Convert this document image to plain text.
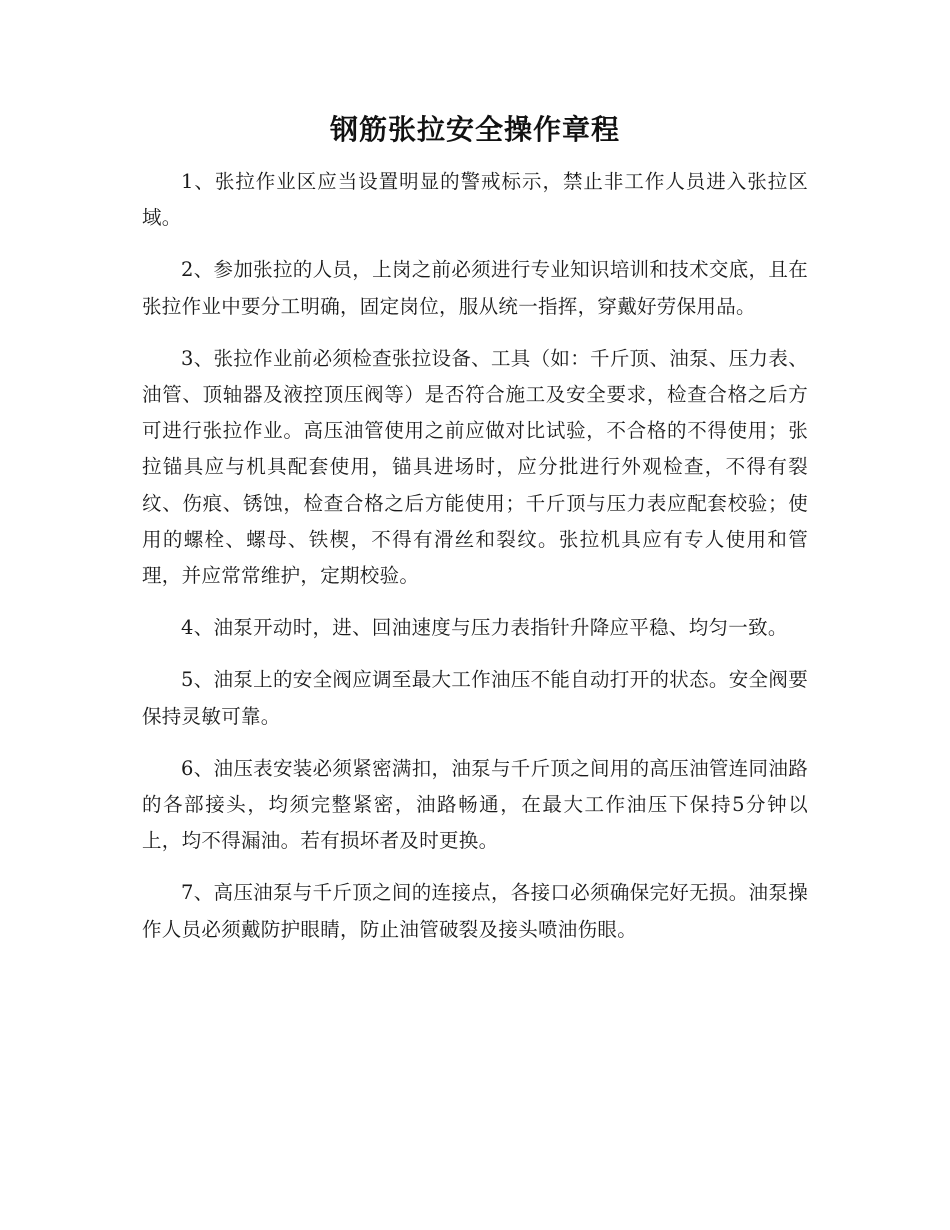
钢筋张拉安全操作章程

1、张拉作业区应当设置明显的警戒标示，禁止非工作人员进入张拉区域。

2、参加张拉的人员，上岗之前必须进行专业知识培训和技术交底，且在张拉作业中要分工明确，固定岗位，服从统一指挥，穿戴好劳保用品。

3、张拉作业前必须检查张拉设备、工具（如：千斤顶、油泵、压力表、油管、顶轴器及液控顶压阀等）是否符合施工及安全要求，检查合格之后方可进行张拉作业。高压油管使用之前应做对比试验，不合格的不得使用；张拉锚具应与机具配套使用，锚具进场时，应分批进行外观检查，不得有裂纹、伤痕、锈蚀，检查合格之后方能使用；千斤顶与压力表应配套校验；使用的螺栓、螺母、铁楔，不得有滑丝和裂纹。张拉机具应有专人使用和管理，并应常常维护，定期校验。

4、油泵开动时，进、回油速度与压力表指针升降应平稳、均匀一致。

5、油泵上的安全阀应调至最大工作油压不能自动打开的状态。安全阀要保持灵敏可靠。

6、油压表安装必须紧密满扣，油泵与千斤顶之间用的高压油管连同油路的各部接头，均须完整紧密，油路畅通，在最大工作油压下保持5分钟以上，均不得漏油。若有损坏者及时更换。

7、高压油泵与千斤顶之间的连接点，各接口必须确保完好无损。油泵操作人员必须戴防护眼睛，防止油管破裂及接头喷油伤眼。
